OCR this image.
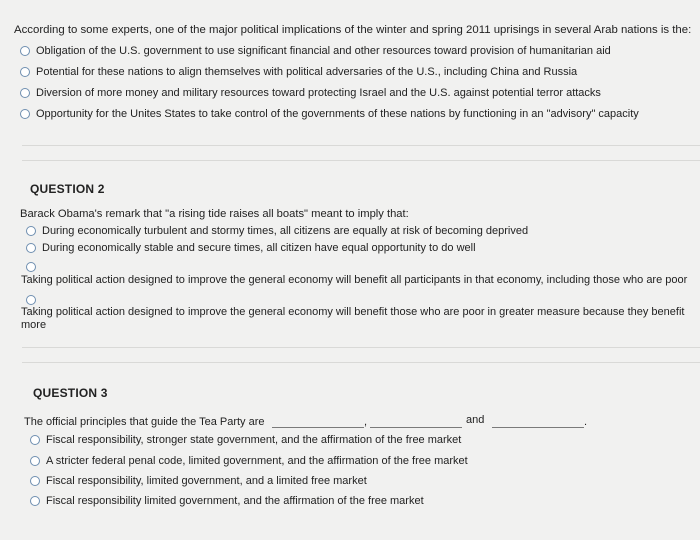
According to some experts, one of the major political implications of the winter and spring 2011 uprisings in several Arab nations is the:
Obligation of the U.S. government to use significant financial and other resources toward provision of humanitarian aid
Potential for these nations to align themselves with political adversaries of the U.S., including China and Russia
Diversion of more money and military resources toward protecting Israel and the U.S. against potential terror attacks
Opportunity for the Unites States to take control of the governments of these nations by functioning in an "advisory" capacity
QUESTION 2
Barack Obama's remark that "a rising tide raises all boats" meant to imply that:
During economically turbulent and stormy times, all citizens are equally at risk of becoming deprived
During economically stable and secure times, all citizen have equal opportunity to do well
Taking political action designed to improve the general economy will benefit all participants in that economy, including those who are poor
Taking political action designed to improve the general economy will benefit those who are poor in greater measure because they benefit
more
QUESTION 3
The official principles that guide the Tea Party are	,	and	.
Fiscal responsibility, stronger state government, and the affirmation of the free market
A stricter federal penal code, limited government, and the affirmation of the free market
Fiscal responsibility, limited government, and a limited free market
Fiscal responsibility limited government, and the affirmation of the free market
